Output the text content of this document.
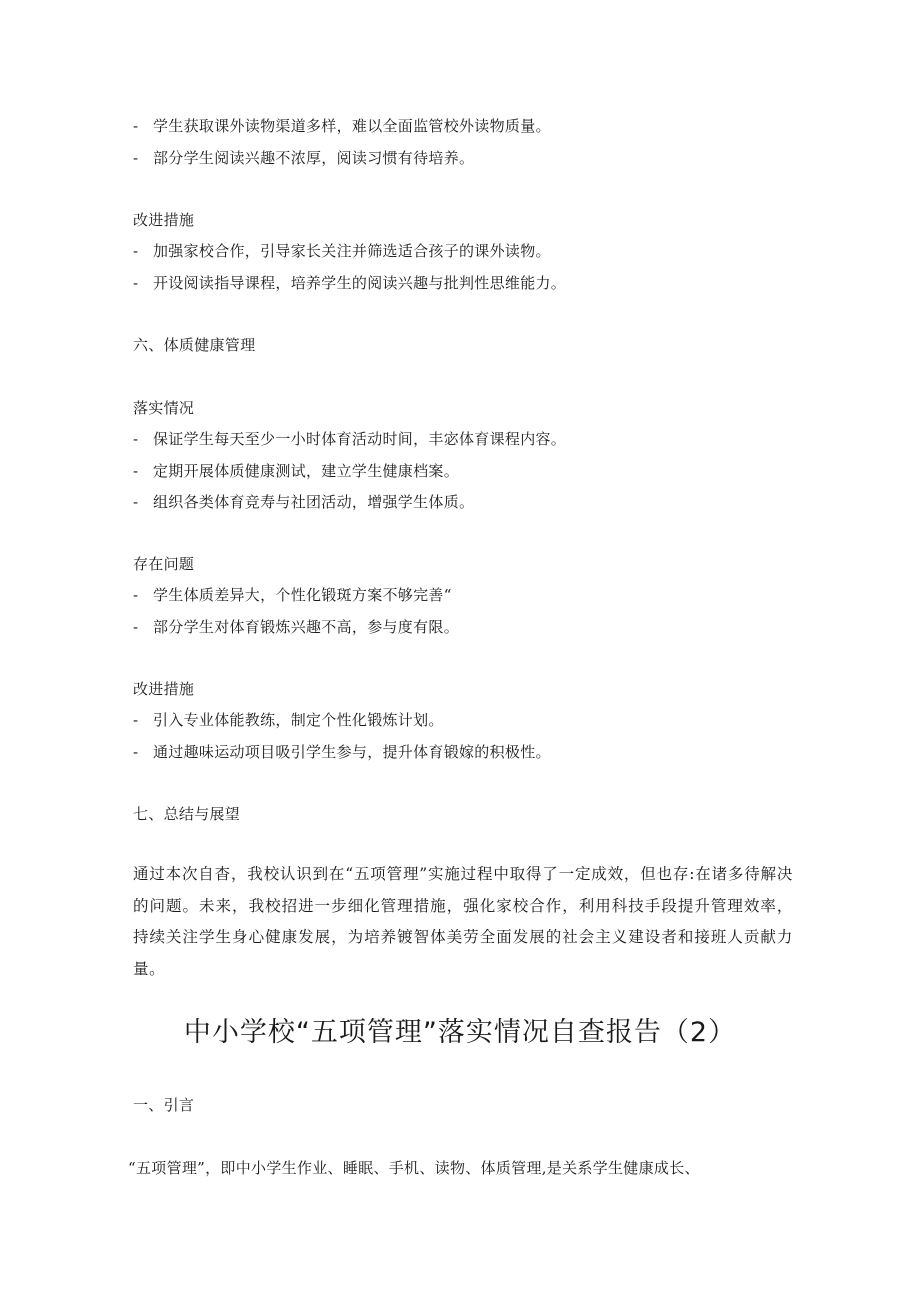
- 学生获取课外读物渠道多样，难以全面监管校外读物质量。
- 部分学生阅读兴趣不浓厚，阅读习惯有待培养。
改进措施
- 加强家校合作，引导家长关注并筛选适合孩子的课外读物。
- 开设阅读指导课程，培养学生的阅读兴趣与批判性思维能力。
六、体质健康管理
落实情况
- 保证学生每天至少一小时体育活动时间，丰宓体育课程内容。
- 定期开展体质健康测试，建立学生健康档案。
- 组织各类体育竞寿与社团活动，增强学生体质。
存在问题
- 学生体质差异大，个性化锻斑方案不够完善“
- 部分学生对体育锻炼兴趣不高，参与度有限。
改进措施
- 引入专业体能教练，制定个性化锻炼计划。
- 通过趣味运动项目吸引学生参与，提升体育锻嫁的积极性。
七、总结与展望
通过本次自杳，我校认识到在“五项管理”实施过程中取得了一定成效，但也存:在诸多待解决的问题。未来，我校招进一步细化管理措施，强化家校合作，利用科技手段提升管理效率，持续关注学生身心健康发展，为培养镀智体美劳全面发展的社会主义建设者和接班人贡献力量。
中小学校“五项管理”落实情况自查报告（2）
一、引言
“五项管理”，即中小学生作业、睡眠、手机、读物、体质管理,是关系学生健康成长、
